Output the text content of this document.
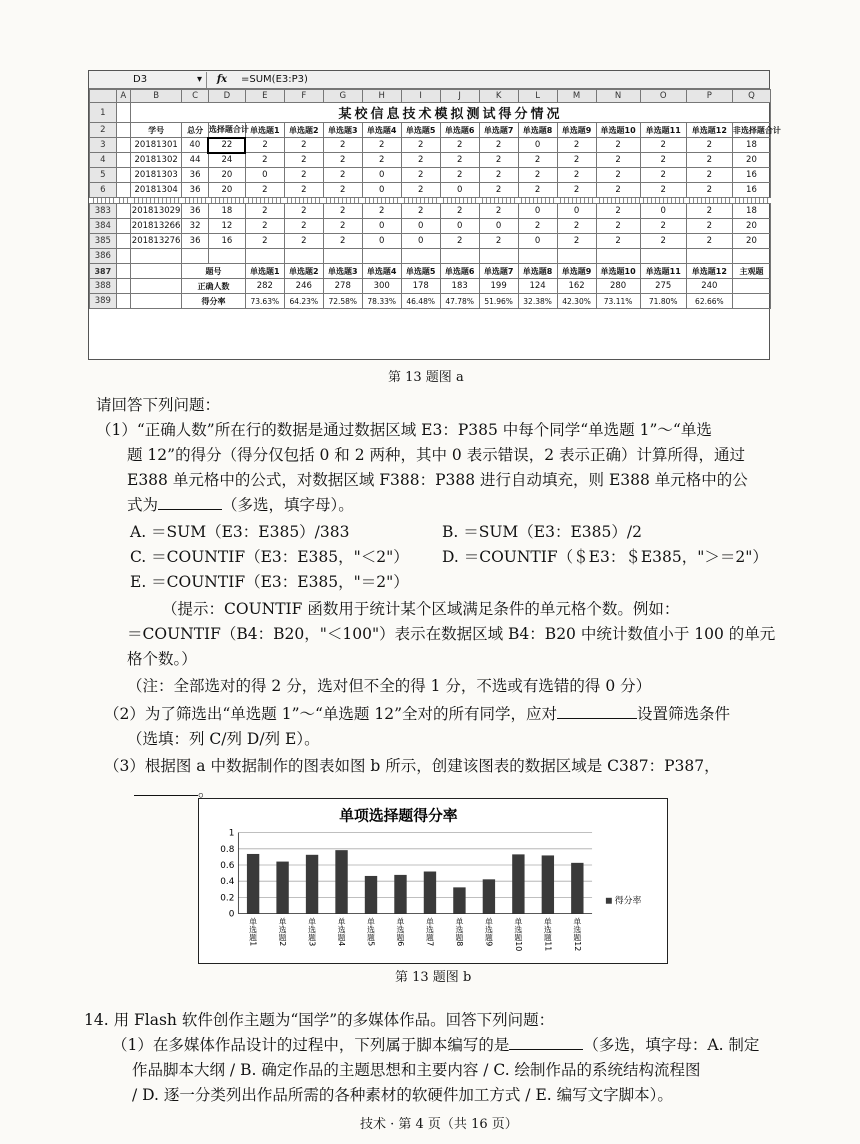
D3	▾	fx	=SUM(E3:P3)
	A	B	C	D	E	F	G	H	I	J	K	L	M	N	O	P	Q
1		某校信息技术模拟测试得分情况															
2		学号	总分	选择题合计	单选题1	单选题2	单选题3	单选题4	单选题5	单选题6	单选题7	单选题8	单选题9	单选题10	单选题11	单选题12	非选择题合计
3		20181301	40	22	2	2	2	2	2	2	2	0	2	2	2	2	18
4		20181302	44	24	2	2	2	2	2	2	2	2	2	2	2	2	20
5		20181303	36	20	0	2	2	0	2	2	2	2	2	2	2	2	16
6		20181304	36	20	2	2	2	0	2	0	2	2	2	2	2	2	16

383		201813029	36	18	2	2	2	2	2	2	2	0	0	2	0	2	18
384		201813266	32	12	2	2	2	0	0	0	0	2	2	2	2	2	20
385		201813276	36	16	2	2	2	0	0	2	2	0	2	2	2	2	20
386																	
387			题号		单选题1	单选题2	单选题3	单选题4	单选题5	单选题6	单选题7	单选题8	单选题9	单选题10	单选题11	单选题12	主观题
388			正确人数		282	246	278	300	178	183	199	124	162	280	275	240	
389			得分率		73.63%	64.23%	72.58%	78.33%	46.48%	47.78%	51.96%	32.38%	42.30%	73.11%	71.80%	62.66%	
第 13 题图 a
请回答下列问题：
（1）“正确人数”所在行的数据是通过数据区域 E3：P385 中每个同学“单选题 1”～“单选
题 12”的得分（得分仅包括 0 和 2 两种，其中 0 表示错误，2 表示正确）计算所得，通过
E388 单元格中的公式，对数据区域 F388：P388 进行自动填充，则 E388 单元格中的公
式为	（多选，填字母）。
A. ＝SUM（E3：E385）/383	B. ＝SUM（E3：E385）/2
C. ＝COUNTIF（E3：E385，"＜2"） D. ＝COUNTIF（＄E3：＄E385，"＞＝2"）
E. ＝COUNTIF（E3：E385，"＝2"）
（提示：COUNTIF 函数用于统计某个区域满足条件的单元格个数。例如：
＝COUNTIF（B4：B20，"＜100"）表示在数据区域 B4：B20 中统计数值小于 100 的单元
格个数。）
（注：全部选对的得 2 分，选对但不全的得 1 分，不选或有选错的得 0 分）
（2）为了筛选出“单选题 1”～“单选题 12”全对的所有同学，应对	设置筛选条件
（选填：列 C/列 D/列 E）。
（3）根据图 a 中数据制作的图表如图 b 所示，创建该图表的数据区域是 C387：P387，
。
单项选择题得分率
0
0.2
0.4
0.6
0.8
1
单选题1	单选题2	单选题3	单选题4	单选题5	单选题6	单选题7	单选题8	单选题9	单选题10	单选题11	单选题12
得分率
第 13 题图 b
14. 用 Flash 软件创作主题为“国学”的多媒体作品。回答下列问题：
（1）在多媒体作品设计的过程中，下列属于脚本编写的是	（多选，填字母：A. 制定
作品脚本大纲 / B. 确定作品的主题思想和主要内容 / C. 绘制作品的系统结构流程图
/ D. 逐一分类列出作品所需的各种素材的软硬件加工方式 / E. 编写文字脚本）。
技术 · 第 4 页（共 16 页）
